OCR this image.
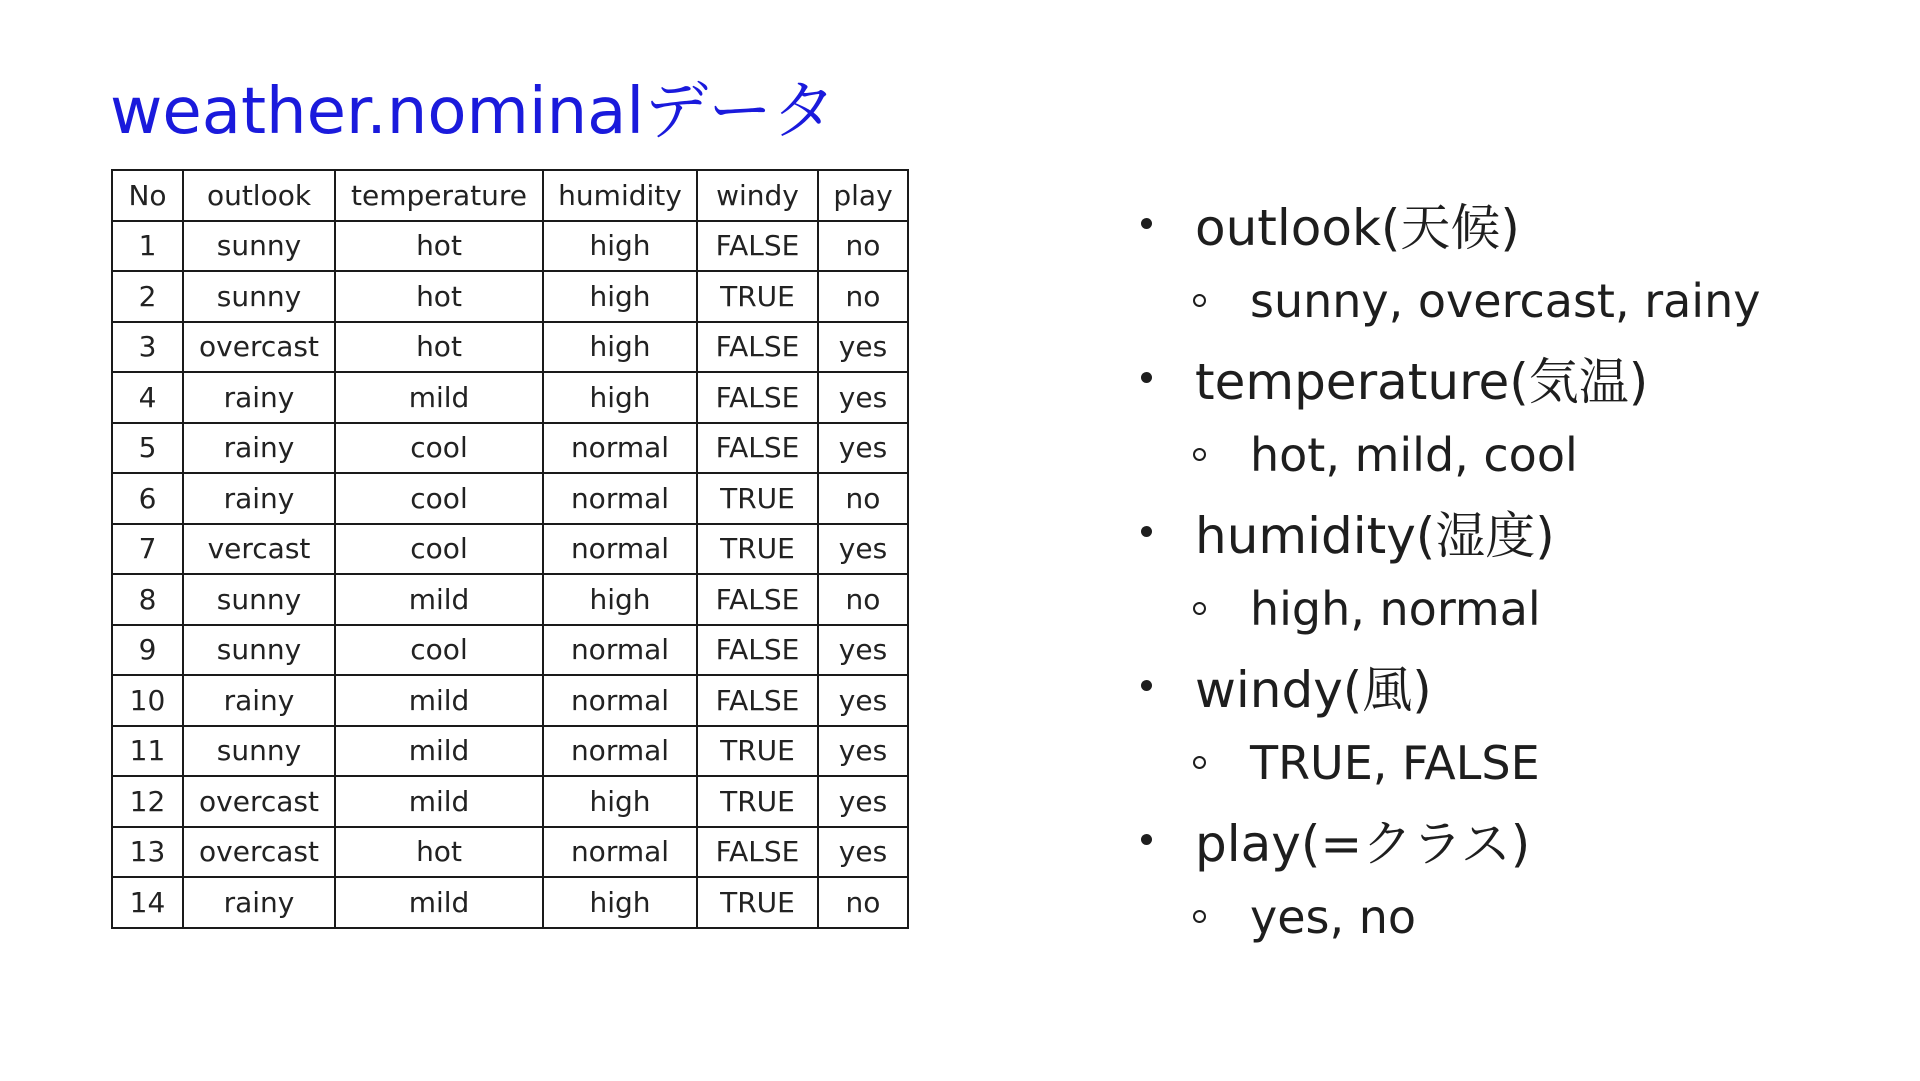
weather.nominalデータ
No	outlook	temperature	humidity	windy	play
1	sunny	hot	high	FALSE	no
2	sunny	hot	high	TRUE	no
3	overcast	hot	high	FALSE	yes
4	rainy	mild	high	FALSE	yes
5	rainy	cool	normal	FALSE	yes
6	rainy	cool	normal	TRUE	no
7	vercast	cool	normal	TRUE	yes
8	sunny	mild	high	FALSE	no
9	sunny	cool	normal	FALSE	yes
10	rainy	mild	normal	FALSE	yes
11	sunny	mild	normal	TRUE	yes
12	overcast	mild	high	TRUE	yes
13	overcast	hot	normal	FALSE	yes
14	rainy	mild	high	TRUE	no
outlook(天候)
sunny, overcast, rainy
temperature(気温)
hot, mild, cool
humidity(湿度)
high, normal
windy(風)
TRUE, FALSE
play(=クラス)
yes, no
